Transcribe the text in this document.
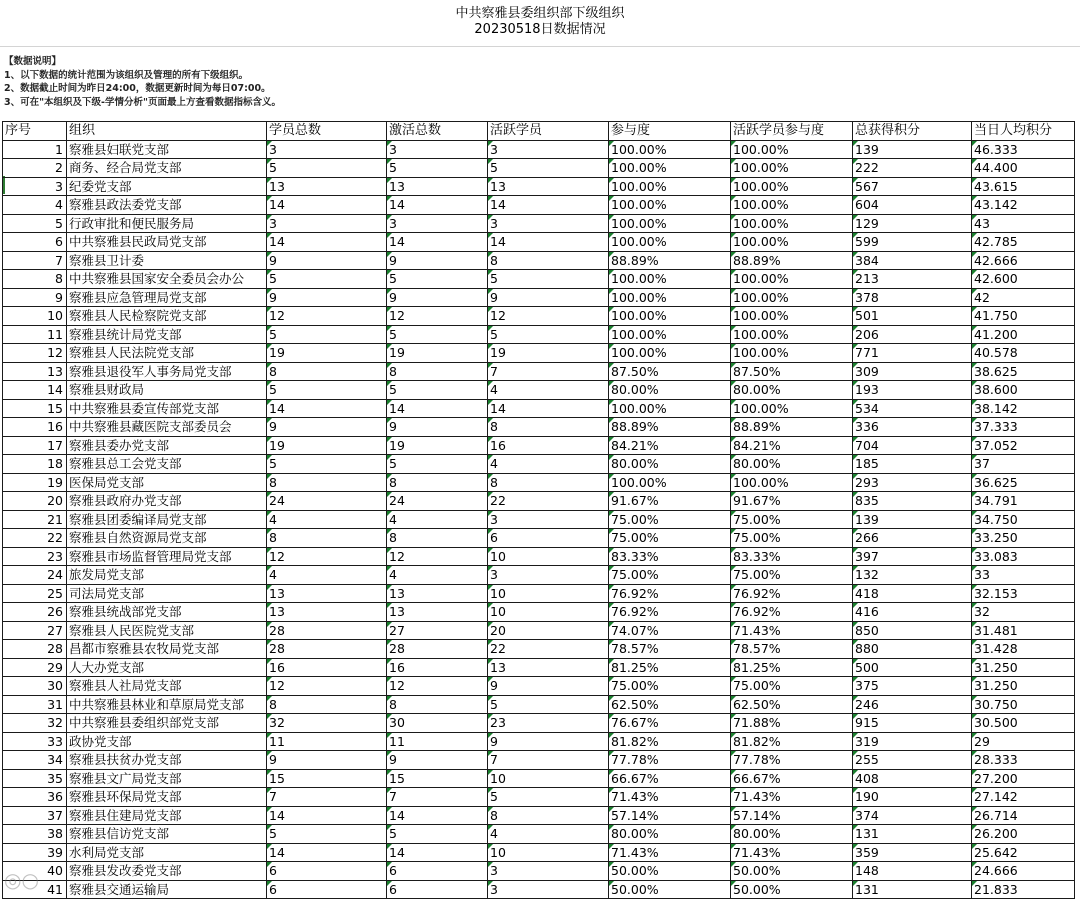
中共察雅县委组织部下级组织
20230518日数据情况
【数据说明】
1、以下数据的统计范围为该组织及管理的所有下级组织。
2、数据截止时间为昨日24:00，数据更新时间为每日07:00。
3、可在"本组织及下级-学情分析"页面最上方查看数据指标含义。
序号	组织	学员总数	激活总数	活跃学员	参与度	活跃学员参与度	总获得积分	当日人均积分
1	察雅县妇联党支部	3	3	3	100.00%	100.00%	139	46.333
2	商务、经合局党支部	5	5	5	100.00%	100.00%	222	44.400
3	纪委党支部	13	13	13	100.00%	100.00%	567	43.615
4	察雅县政法委党支部	14	14	14	100.00%	100.00%	604	43.142
5	行政审批和便民服务局	3	3	3	100.00%	100.00%	129	43
6	中共察雅县民政局党支部	14	14	14	100.00%	100.00%	599	42.785
7	察雅县卫计委	9	9	8	88.89%	88.89%	384	42.666
8	中共察雅县国家安全委员会办公	5	5	5	100.00%	100.00%	213	42.600
9	察雅县应急管理局党支部	9	9	9	100.00%	100.00%	378	42
10	察雅县人民检察院党支部	12	12	12	100.00%	100.00%	501	41.750
11	察雅县统计局党支部	5	5	5	100.00%	100.00%	206	41.200
12	察雅县人民法院党支部	19	19	19	100.00%	100.00%	771	40.578
13	察雅县退役军人事务局党支部	8	8	7	87.50%	87.50%	309	38.625
14	察雅县财政局	5	5	4	80.00%	80.00%	193	38.600
15	中共察雅县委宣传部党支部	14	14	14	100.00%	100.00%	534	38.142
16	中共察雅县藏医院支部委员会	9	9	8	88.89%	88.89%	336	37.333
17	察雅县委办党支部	19	19	16	84.21%	84.21%	704	37.052
18	察雅县总工会党支部	5	5	4	80.00%	80.00%	185	37
19	医保局党支部	8	8	8	100.00%	100.00%	293	36.625
20	察雅县政府办党支部	24	24	22	91.67%	91.67%	835	34.791
21	察雅县团委编译局党支部	4	4	3	75.00%	75.00%	139	34.750
22	察雅县自然资源局党支部	8	8	6	75.00%	75.00%	266	33.250
23	察雅县市场监督管理局党支部	12	12	10	83.33%	83.33%	397	33.083
24	旅发局党支部	4	4	3	75.00%	75.00%	132	33
25	司法局党支部	13	13	10	76.92%	76.92%	418	32.153
26	察雅县统战部党支部	13	13	10	76.92%	76.92%	416	32
27	察雅县人民医院党支部	28	27	20	74.07%	71.43%	850	31.481
28	昌都市察雅县农牧局党支部	28	28	22	78.57%	78.57%	880	31.428
29	人大办党支部	16	16	13	81.25%	81.25%	500	31.250
30	察雅县人社局党支部	12	12	9	75.00%	75.00%	375	31.250
31	中共察雅县林业和草原局党支部	8	8	5	62.50%	62.50%	246	30.750
32	中共察雅县委组织部党支部	32	30	23	76.67%	71.88%	915	30.500
33	政协党支部	11	11	9	81.82%	81.82%	319	29
34	察雅县扶贫办党支部	9	9	7	77.78%	77.78%	255	28.333
35	察雅县文广局党支部	15	15	10	66.67%	66.67%	408	27.200
36	察雅县环保局党支部	7	7	5	71.43%	71.43%	190	27.142
37	察雅县住建局党支部	14	14	8	57.14%	57.14%	374	26.714
38	察雅县信访党支部	5	5	4	80.00%	80.00%	131	26.200
39	水利局党支部	14	14	10	71.43%	71.43%	359	25.642
40	察雅县发改委党支部	6	6	3	50.00%	50.00%	148	24.666
41	察雅县交通运输局	6	6	3	50.00%	50.00%	131	21.833
◎○
